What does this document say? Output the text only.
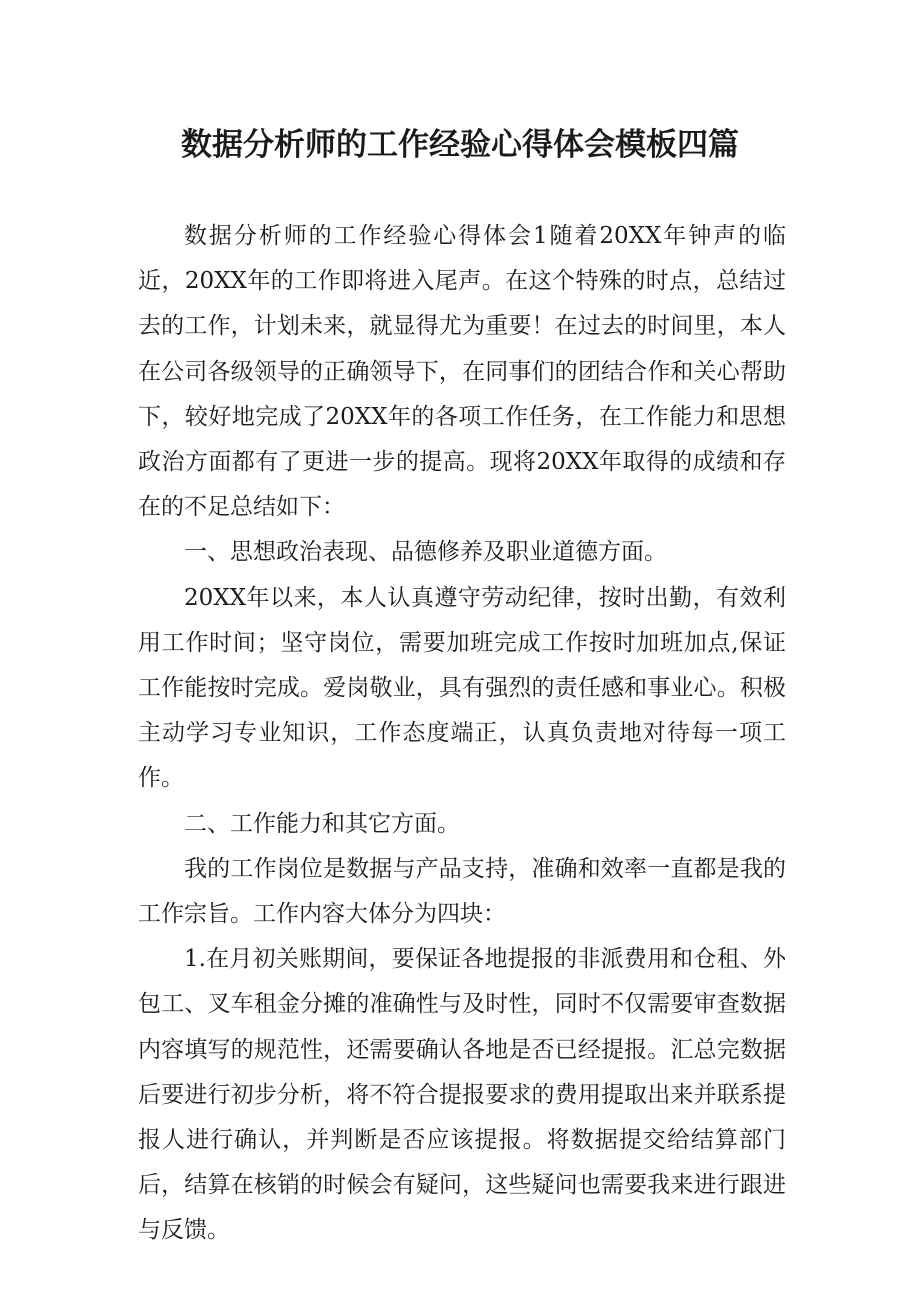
数据分析师的工作经验心得体会模板四篇

数据分析师的工作经验心得体会1随着20XX年钟声的临近，20XX年的工作即将进入尾声。在这个特殊的时点，总结过去的工作，计划未来，就显得尤为重要！在过去的时间里，本人在公司各级领导的正确领导下，在同事们的团结合作和关心帮助下，较好地完成了20XX年的各项工作任务，在工作能力和思想政治方面都有了更进一步的提高。现将20XX年取得的成绩和存在的不足总结如下：

一、思想政治表现、品德修养及职业道德方面。

20XX年以来，本人认真遵守劳动纪律，按时出勤，有效利用工作时间；坚守岗位，需要加班完成工作按时加班加点,保证工作能按时完成。爱岗敬业，具有强烈的责任感和事业心。积极主动学习专业知识，工作态度端正，认真负责地对待每一项工作。

二、工作能力和其它方面。

我的工作岗位是数据与产品支持，准确和效率一直都是我的工作宗旨。工作内容大体分为四块：

1.在月初关账期间，要保证各地提报的非派费用和仓租、外包工、叉车租金分摊的准确性与及时性，同时不仅需要审查数据内容填写的规范性，还需要确认各地是否已经提报。汇总完数据后要进行初步分析，将不符合提报要求的费用提取出来并联系提报人进行确认，并判断是否应该提报。将数据提交给结算部门后，结算在核销的时候会有疑问，这些疑问也需要我来进行跟进与反馈。
